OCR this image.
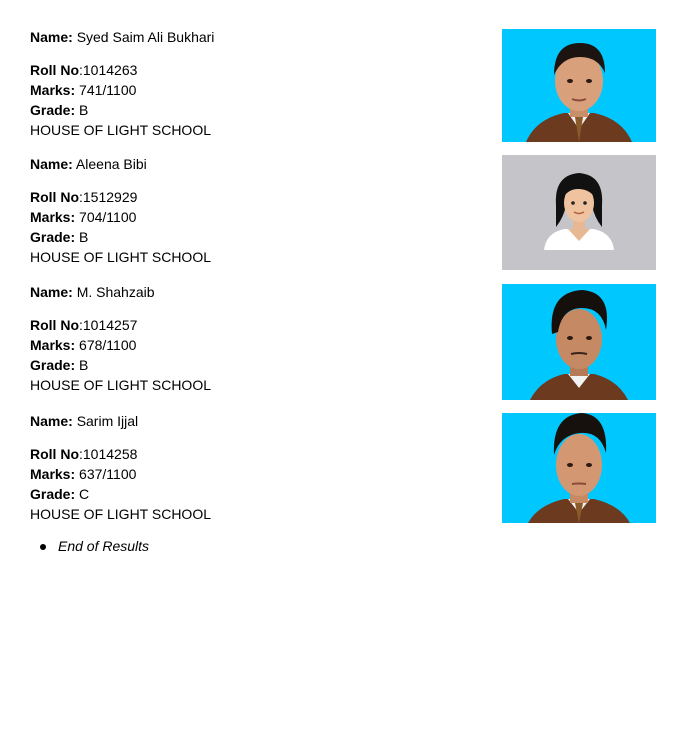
Name: Syed Saim Ali Bukhari
Roll No:1014263
Marks: 741/1100
Grade: B
HOUSE OF LIGHT SCHOOL
Name: Aleena Bibi
Roll No:1512929
Marks: 704/1100
Grade: B
HOUSE OF LIGHT SCHOOL
Name: M. Shahzaib
Roll No:1014257
Marks: 678/1100
Grade: B
HOUSE OF LIGHT SCHOOL
Name: Sarim Ijjal
Roll No:1014258
Marks: 637/1100
Grade: C
HOUSE OF LIGHT SCHOOL
End of Results
